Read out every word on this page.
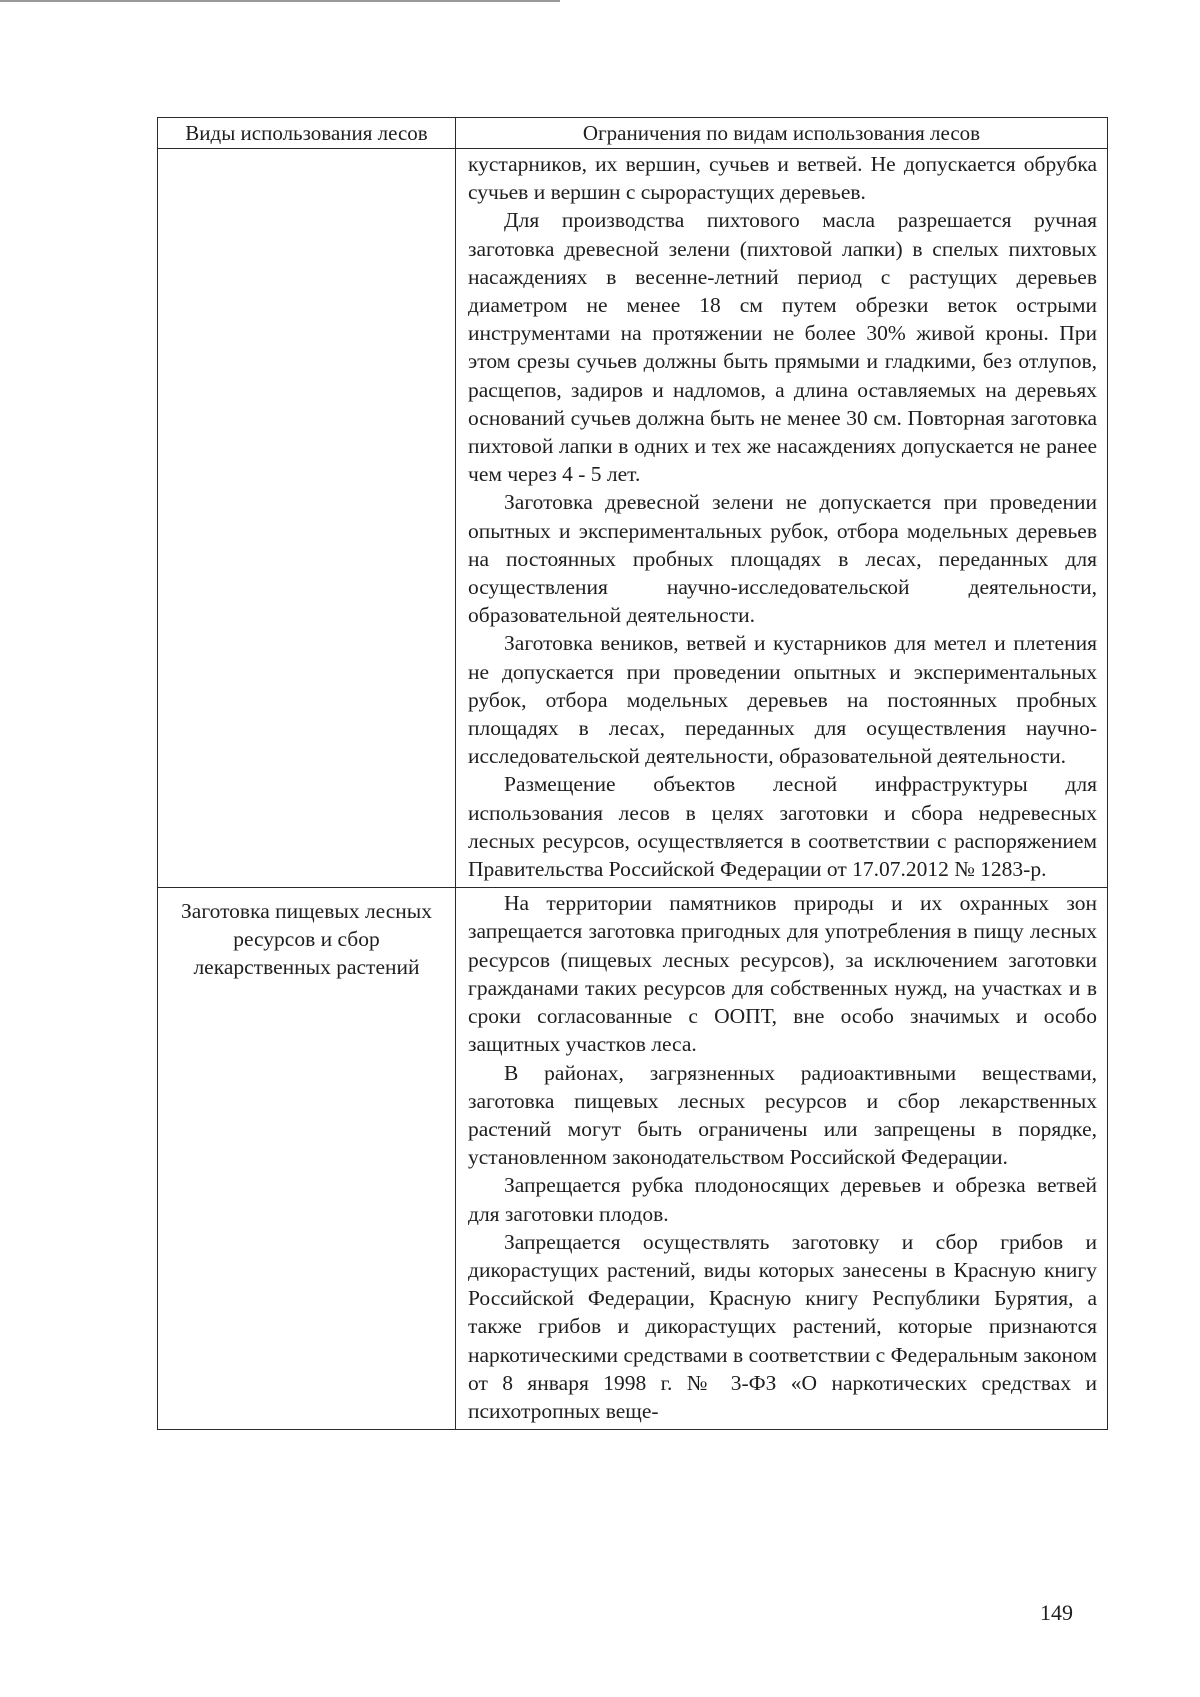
Виды использования лесов	Ограничения по видам использования лесов

	кустарников, их вершин, сучьев и ветвей. Не допускается обрубка сучьев и вершин с сырорастущих деревьев.

Для производства пихтового масла разрешается ручная заготовка древесной зелени (пихтовой лапки) в спелых пихтовых насаждениях в весенне-летний период с растущих деревьев диаметром не менее 18 см путем обрезки веток острыми инструментами на протяжении не более 30% живой кроны. При этом срезы сучьев должны быть прямыми и гладкими, без отлупов, расщепов, задиров и надломов, а длина оставляемых на деревьях оснований сучьев должна быть не менее 30 см. Повторная заготовка пихтовой лапки в одних и тех же насаждениях допускается не ранее чем через 4 - 5 лет.

Заготовка древесной зелени не допускается при проведении опытных и экспериментальных рубок, отбора модельных деревьев на постоянных пробных площадях в лесах, переданных для осуществления научно-исследовательской деятельности, образовательной деятельности.

Заготовка веников, ветвей и кустарников для метел и плетения не допускается при проведении опытных и экспериментальных рубок, отбора модельных деревьев на постоянных пробных площадях в лесах, переданных для осуществления научно-исследовательской деятельности, образовательной деятельности.

Размещение объектов лесной инфраструктуры для использования лесов в целях заготовки и сбора недревесных лесных ресурсов, осуществляется в соответствии с распоряжением Правительства Российской Федерации от 17.07.2012 № 1283-р.

Заготовка пищевых лесных ресурсов и сбор лекарственных растений	На территории памятников природы и их охранных зон запрещается заготовка пригодных для употребления в пищу лесных ресурсов (пищевых лесных ресурсов), за исключением заготовки гражданами таких ресурсов для собственных нужд, на участках и в сроки согласованные с ООПТ, вне особо значимых и особо защитных участков леса.

В районах, загрязненных радиоактивными веществами, заготовка пищевых лесных ресурсов и сбор лекарственных растений могут быть ограничены или запрещены в порядке, установленном законодательством Российской Федерации.

Запрещается рубка плодоносящих деревьев и обрезка ветвей для заготовки плодов.

Запрещается осуществлять заготовку и сбор грибов и дикорастущих растений, виды которых занесены в Красную книгу Российской Федерации, Красную книгу Республики Бурятия, а также грибов и дикорастущих растений, которые признаются наркотическими средствами в соответствии с Федеральным законом от 8 января 1998 г. № 3-ФЗ «О наркотических средствах и психотропных веще-

149
